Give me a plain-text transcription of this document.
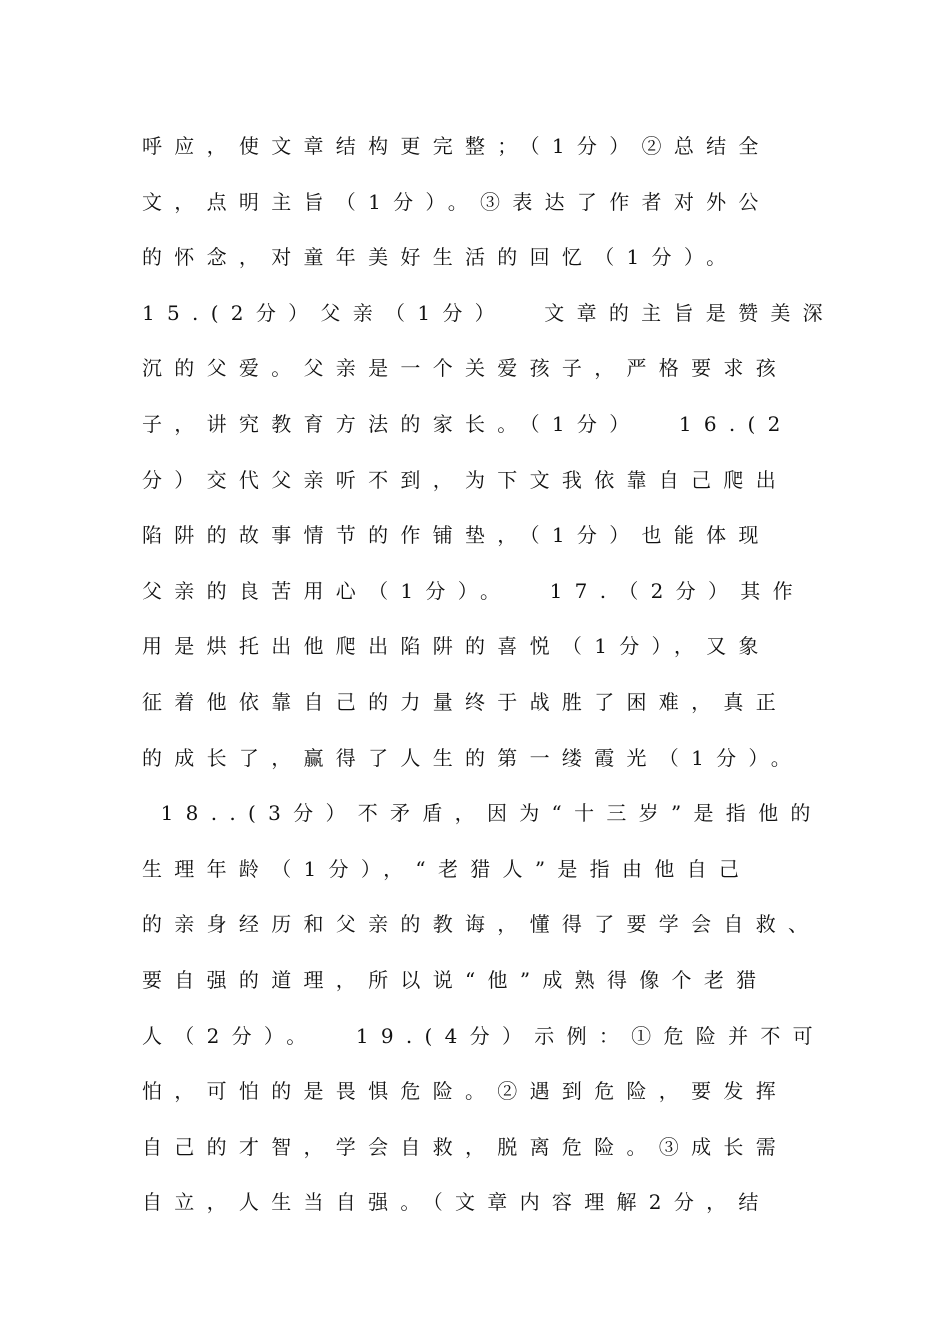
呼应，使文章结构更完整；（1分）②总结全
文，点明主旨（1分）。③表达了作者对外公
的怀念，对童年美好生活的回忆（1分）。
15.(2分）父亲（1分）  文章的主旨是赞美深
沉的父爱。父亲是一个关爱孩子，严格要求孩
子，讲究教育方法的家长。（1分）  16.(2
分）交代父亲听不到，为下文我依靠自己爬出
陷阱的故事情节的作铺垫，（1分）也能体现
父亲的良苦用心（1分）。  17.（2分）其作
用是烘托出他爬出陷阱的喜悦（1分），又象
征着他依靠自己的力量终于战胜了困难，真正
的成长了，赢得了人生的第一缕霞光（1分）。
18..(3分）不矛盾，因为“十三岁”是指他的
生理年龄（1分），“老猎人”是指由他自己
的亲身经历和父亲的教诲，懂得了要学会自救、
要自强的道理，所以说“他”成熟得像个老猎
人（2分）。  19.(4分）示例：①危险并不可
怕，可怕的是畏惧危险。②遇到危险，要发挥
自己的才智，学会自救，脱离危险。③成长需
自立，人生当自强。（文章内容理解2分，结
